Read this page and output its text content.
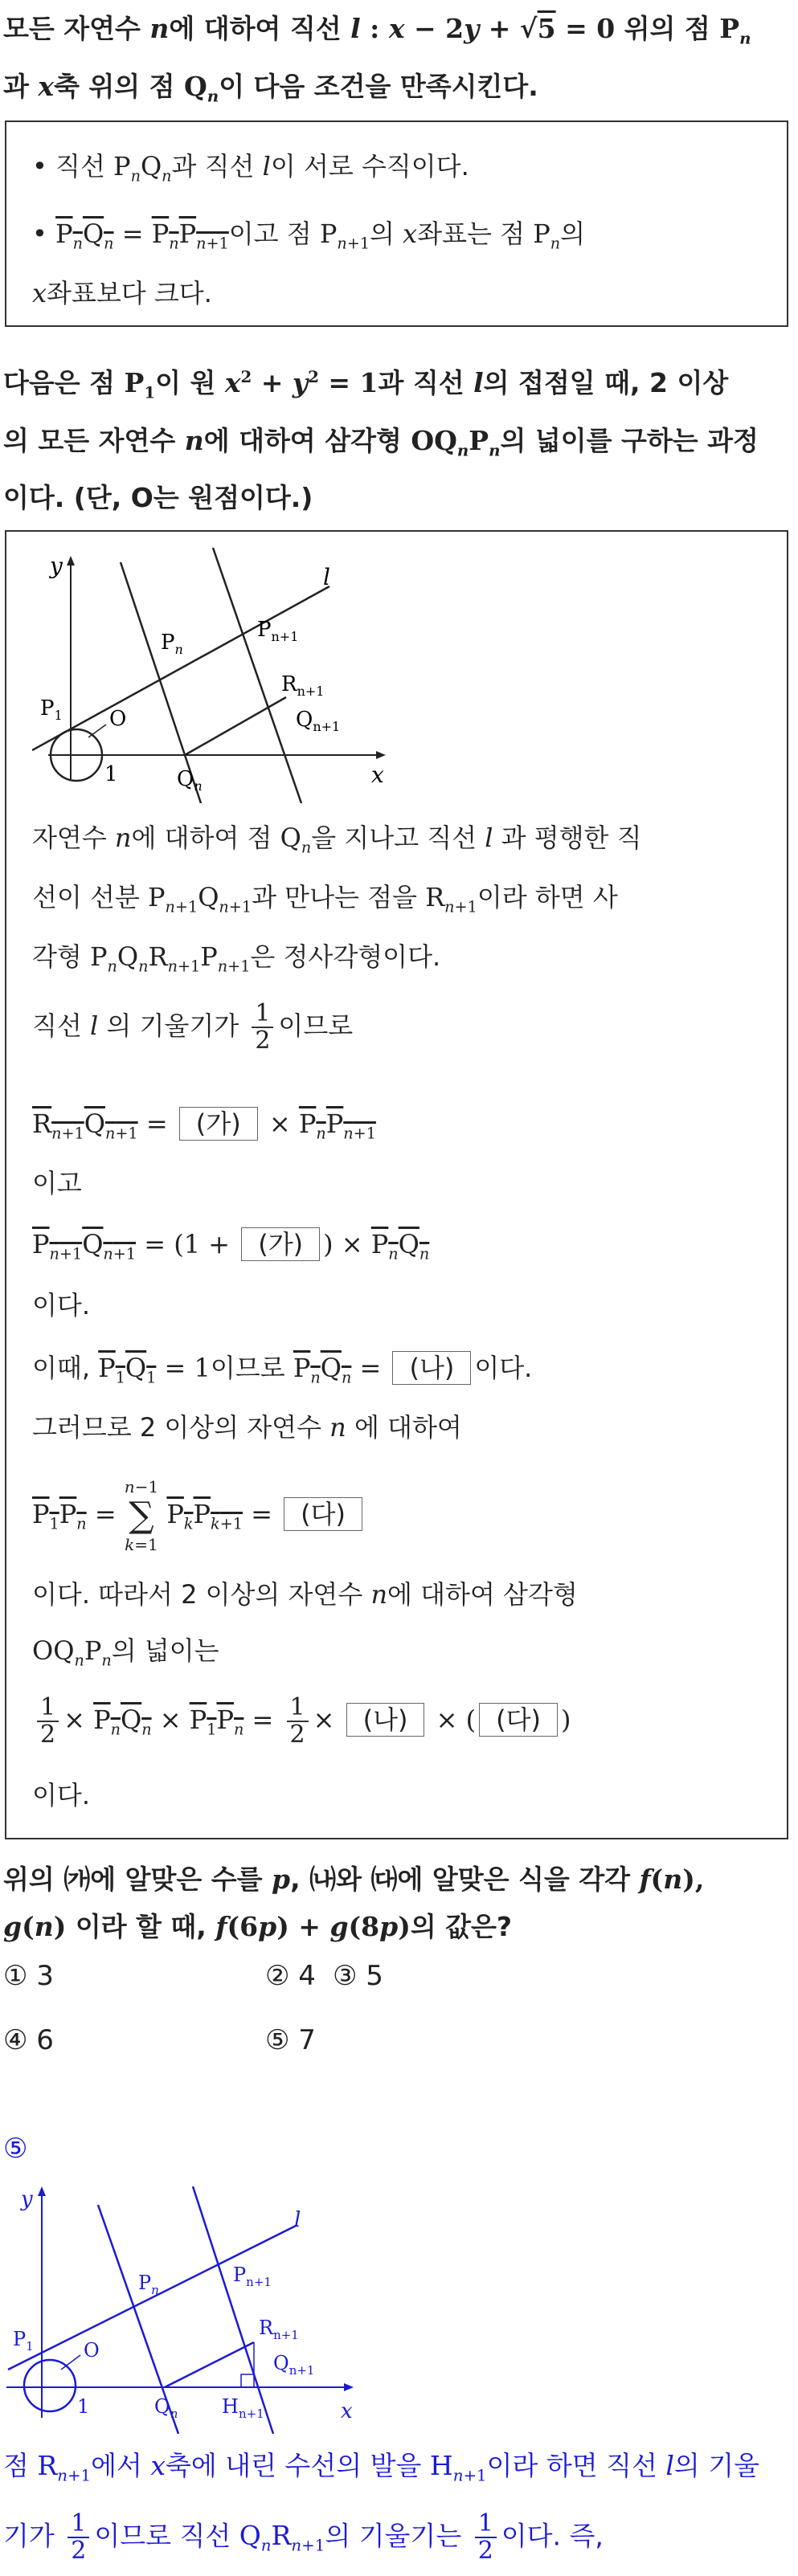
모든 자연수 n에 대하여 직선 l : x − 2y + √5 = 0 위의 점 $P_n$
과 x축 위의 점 $Q_n$이 다음 조건을 만족시킨다.
• 직선 $P_nQ_n$과 직선 l이 서로 수직이다.
• $P_nQ_n = P_nP_{n+1}$이고 점 $P_{n+1}$의 x좌표는 점 $P_n$의
x좌표보다 크다.
다음은 점 $P_1$이 원 $x^2 + y^2 = 1$과 직선 l의 접점일 때, 2 이상
의 모든 자연수 n에 대하여 삼각형 $OQ_nP_n$의 넓이를 구하는 과정
이다. (단, O는 원점이다.)
y
x
l
O
1
$P_1$
$P_n$
$P_{n+1}$
$R_{n+1}$
$Q_{n+1}$
$Q_n$
자연수 n에 대하여 점 $Q_n$을 지나고 직선 l 과 평행한 직
선이 선분 $P_{n+1}Q_{n+1}$과 만나는 점을 $R_{n+1}$이라 하면 사
각형 $P_nQ_nR_{n+1}P_{n+1}$은 정사각형이다.
직선 l 의 기울기가 $\frac{1}{2}$ 이므로
$R_{n+1}Q_{n+1}$ = (가) × $P_nP_{n+1}$
이고
$P_{n+1}Q_{n+1} = (1$ + (가) ) × $P_nQ_n$
이다.
이때, $P_1Q_1 = 1$이므로 $P_nQ_n$ = (나) 이다.
그러므로 2 이상의 자연수 n 에 대하여
$P_1P_n$ =
n−1
∑
k=1
$P_kP_{k+1}$ = (다)
이다. 따라서 2 이상의 자연수 n에 대하여 삼각형
$OQ_nP_n$의 넓이는
$\frac{1}{2} \times P_nQ_n \times P_1P_n = \frac{1}{2}$ × (나) × ( (다) )
이다.
위의 ㈎에 알맞은 수를 p, ㈏와 ㈐에 알맞은 식을 각각 f(n),
g(n) 이라 할 때, f(6p) + g(8p)의 값은?
① 3	② 4 ③ 5
④ 6	⑤ 7
⑤
y
x
l
O
1
$P_1$
$P_n$
$P_{n+1}$
$R_{n+1}$
$Q_{n+1}$
$Q_n$ $H_{n+1}$
점 $R_{n+1}$에서 x축에 내린 수선의 발을 $H_{n+1}$이라 하면 직선 l의 기울
기가 $\frac{1}{2}$ 이므로 직선 $Q_nR_{n+1}$의 기울기는 $\frac{1}{2}$ 이다. 즉,
